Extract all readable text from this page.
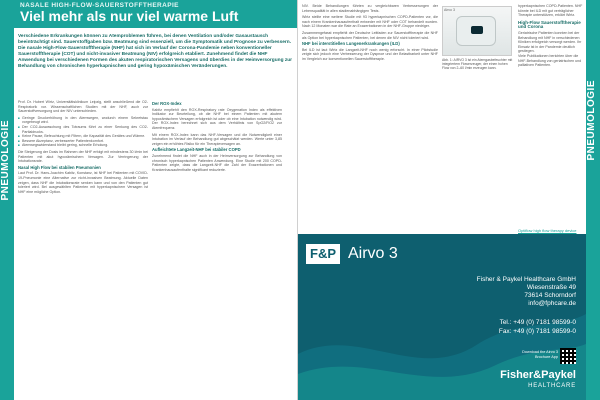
PNEUMOLOGIE
NASALE HIGH-FLOW-SAUERSTOFFTHERAPIE
Viel mehr als nur viel warme Luft
Verschiedene Erkrankungen können zu Atemproblemen führen, bei denen Ventilation und/oder Gasaustausch beeinträchtigt sind. Sauerstoffgaben bzw. Beatmung sind essenziell, um die Symptomatik und Prognose zu verbessern. Die nasale High-Flow-Sauerstofftherapie (NHF) hat sich im Verlauf der Corona-Pandemie neben konventioneller Sauerstofftherapie (COT) und nicht-invasiver Beatmung (NIV) erfolgreich etabliert. Zunehmend findet die NHF Anwendung bei verschiedenen Formen des akuten respiratorischen Versagens und überdies in der Heimversorgung zur Behandlung von chronischen hyperkapnischen und gering hypoxämischen Veränderungen.

Prof. Dr. Hubert Wirtz, Universitätsklinikum Leipzig, stellt anschließend die O2-Respiratorik vor. Wissenschaftlichen Studien mit der NHF, auch zur Sauerstoffversorgung und der NIV unterschieden.

■ Geringe Druckerhöhung in den Atemwegen, wodurch einem Sekretstau vorgebeugt wird.
■ Der CO2-Auswaschung des Totraums führt zu einer Senkung des CO2-Partialdrucks.
■ Keine Pause, Befeuchtung mit Filtern, die Kapazität des Gerätes und Wärme.
■ Bessere Akzeptanz, verbesserter Patientenkomfort.
■ Atemwegswiderstand bleibt gering, schnelle Erholung.

Die Steigerung der Dosis im Rahmen der NHF erfolgt mit mindestens 30 l/min bei Patienten mit akut hypoxämischem Versagen. Zur Verringerung der Intubationsrate.

Nasal High Flow bei stabilen Pneumonien

Laut Prof. Dr. Hans-Joachim Kabitz, Konstanz, ist NHF bei Patienten mit COVID-19-Pneumonie eine Alternative zur nicht-invasiven Beatmung. Aktuelle Daten zeigen, dass NHF die Intubationsrate senken kann und von den Patienten gut toleriert wird. Bei ausgewählten Patienten mit hyperkapnischem Versagen ist NHF eine mögliche Option.

Der ROX-Index

Kabitz empfiehlt den ROX-Respiratory rate Oxygenation Index als effektiven Indikator zur Beurteilung, ob die NHF bei einem Patienten mit akutem hypoxämischem Versagen erfolgreich ist oder ob eine Intubation notwendig wird. Der ROX-Index berechnet sich aus dem Verhältnis von SpO2/FiO2 zur Atemfrequenz.

Mit einem ROX-Index kann das NHF-Versagen und die Notwendigkeit einer Intubation im Verlauf der Behandlung gut abgeschätzt werden. Werte unter 3,85 zeigen ein erhöhtes Risiko für ein Therapieversagen an.

Aufleichtete Langzeit-NHF bei stabiler COPD

Zunehmend findet die NHF auch in der Heimversorgung zur Behandlung von chronisch hyperkapnischen Patienten Anwendung. Eine Studie mit 200 COPD-Patienten zeigte, dass die Langzeit-NHF die Zahl der Exazerbationen und Krankenhausaufenthalte signifikant reduzierte.

PNEUMOLOGIE

NIV. Beide Behandlungen führten zu vergleichbaren Verbesserungen der Lebensqualität in allen stadienabhängigen Tests.

Wirtz stellte eine weitere Studie mit 93 hyperkapnischen COPD-Patienten vor, die nach einem Krankenhausaufenthalt entweder mit NHF oder COT behandelt wurden. Nach 12 Monaten war die Rate an Exazerbationen in der NHF-Gruppe niedriger.

Zusammengefasst empfiehlt der Deutsche Leitfaden zur Sauerstofftherapie die NHF als Option bei hyperkapnischen Patienten, bei denen die NIV nicht toleriert wird.

NHF bei interstitiellen Lungenerkrankungen (ILD)

Bei ILD ist laut Wirtz die Langzeit-NHF noch wenig erforscht. In einer Pilotstudie zeigte sich jedoch eine Verbesserung der Dyspnoe und der Belastbarkeit unter NHF im Vergleich zur konventionellen Sauerstofftherapie.

Airvo 3
Abb. 1: AIRVO 3 ist ein Atemgasbefeuchter mit integriertem Flowerzeuger, der einen hohen Flow von 2–60 l/min erzeugen kann.

hyperkapnischen COPD-Patienten. NHF könnte bei ILD mit gut verträglicher Therapie unterstützen, erklärt Wirtz.

High-Flow Sauerstofftherapie und Corona

Geriatrische Patienten konnten bei der Behandlung mit NHF in verschiedenen Kliniken erfolgreich versorgt werden. Ihr Einsatz ist in der Pandemie deutlich gestiegen.

Viele Publikationen berichten über die NHF-Behandlung von geriatrischen und palliativen Patienten.

Optiflow high flow therapy device
F&P Airvo 3
Fisher & Paykel Healthcare GmbH
Wiesenstraße 49
73614 Schorndorf
info@fphcare.de
Tel.: +49 (0) 7181 98599-0
Fax: +49 (0) 7181 98599-0
Download the Airvo 3 Brochure App
Fisher&Paykel
HEALTHCARE
